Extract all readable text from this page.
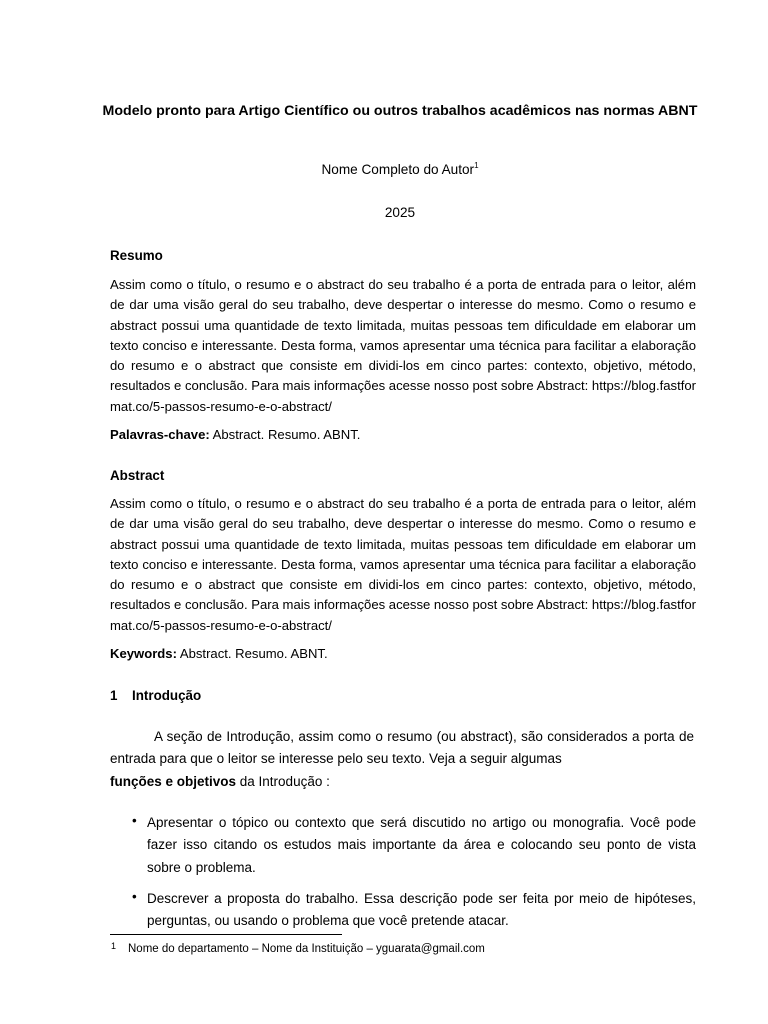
Modelo pronto para Artigo Científico ou outros trabalhos acadêmicos nas normas ABNT
Nome Completo do Autor$^1$
2025
Resumo
Assim como o título, o resumo e o abstract do seu trabalho é a porta de entrada para o leitor, além de dar uma visão geral do seu trabalho, deve despertar o interesse do mesmo. Como o resumo e abstract possui uma quantidade de texto limitada, muitas pessoas tem dificuldade em elaborar um texto conciso e interessante. Desta forma, vamos apresentar uma técnica para facilitar a elaboração do resumo e o abstract que consiste em dividi-los em cinco partes: contexto, objetivo, método, resultados e conclusão. Para mais informações acesse nosso post sobre Abstract: https://blog.fastfor mat.co/5-passos-resumo-e-o-abstract/
Palavras-chave: Abstract. Resumo. ABNT.
Abstract
Assim como o título, o resumo e o abstract do seu trabalho é a porta de entrada para o leitor, além de dar uma visão geral do seu trabalho, deve despertar o interesse do mesmo. Como o resumo e abstract possui uma quantidade de texto limitada, muitas pessoas tem dificuldade em elaborar um texto conciso e interessante. Desta forma, vamos apresentar uma técnica para facilitar a elaboração do resumo e o abstract que consiste em dividi-los em cinco partes: contexto, objetivo, método, resultados e conclusão. Para mais informações acesse nosso post sobre Abstract: https://blog.fastfor mat.co/5-passos-resumo-e-o-abstract/
Keywords: Abstract. Resumo. ABNT.
1 Introdução
A seção de Introdução, assim como o resumo (ou abstract), são considerados a porta de entrada para que o leitor se interesse pelo seu texto. Veja a seguir algumas
funções e objetivos da Introdução :
• Apresentar o tópico ou contexto que será discutido no artigo ou monografia. Você pode fazer isso citando os estudos mais importante da área e colocando seu ponto de vista sobre o problema.
• Descrever a proposta do trabalho. Essa descrição pode ser feita por meio de hipóteses, perguntas, ou usando o problema que você pretende atacar.
1 Nome do departamento – Nome da Instituição – yguarata@gmail.com
